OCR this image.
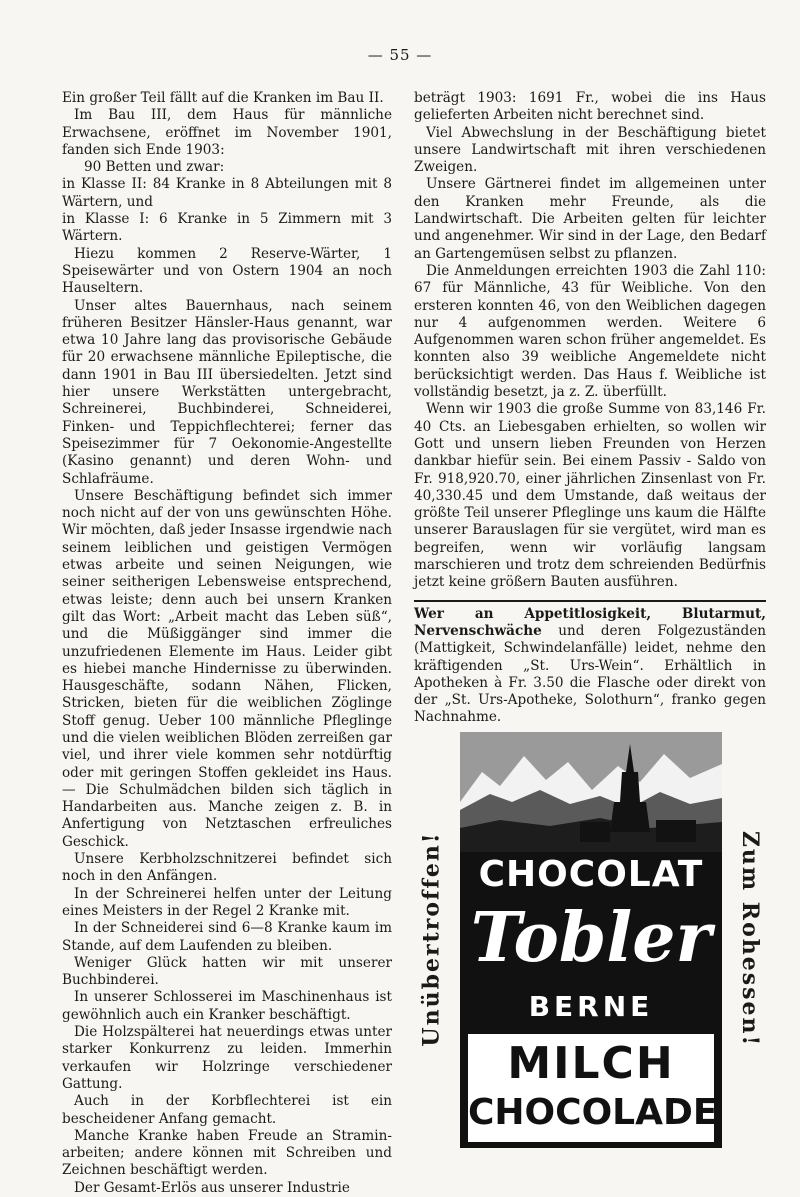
— 55 —

Ein großer Teil fällt auf die Kranken im Bau II.

Im Bau III, dem Haus für männliche Erwachsene, eröffnet im November 1901, fanden sich Ende 1903:

90 Betten und zwar:

in Klasse II: 84 Kranke in 8 Abteilungen mit 8 Wärtern, und

in Klasse I: 6 Kranke in 5 Zimmern mit 3 Wärtern.

Hiezu kommen 2 Reserve-Wärter, 1 Speisewärter und von Ostern 1904 an noch Hauseltern.

Unser altes Bauernhaus, nach seinem früheren Besitzer Hänsler-Haus genannt, war etwa 10 Jahre lang das provisorische Gebäude für 20 erwachsene männliche Epileptische, die dann 1901 in Bau III übersiedelten. Jetzt sind hier unsere Werkstätten untergebracht, Schreinerei, Buchbinderei, Schneiderei, Finken- und Teppichflechterei; ferner das Speisezimmer für 7 Oekonomie-Angestellte (Kasino genannt) und deren Wohn- und Schlafräume.

Unsere Beschäftigung befindet sich immer noch nicht auf der von uns gewünschten Höhe. Wir möchten, daß jeder Insasse irgendwie nach seinem leiblichen und geistigen Vermögen etwas arbeite und seinen Neigungen, wie seiner seitherigen Lebensweise entsprechend, etwas leiste; denn auch bei unsern Kranken gilt das Wort: „Arbeit macht das Leben süß“, und die Müßiggänger sind immer die unzufriedenen Elemente im Haus. Leider gibt es hiebei manche Hindernisse zu überwinden. Hausgeschäfte, sodann Nähen, Flicken, Stricken, bieten für die weiblichen Zöglinge Stoff genug. Ueber 100 männliche Pfleglinge und die vielen weiblichen Blöden zerreißen gar viel, und ihrer viele kommen sehr notdürftig oder mit geringen Stoffen gekleidet ins Haus. — Die Schulmädchen bilden sich täglich in Handarbeiten aus. Manche zeigen z. B. in Anfertigung von Netztaschen erfreuliches Geschick.

Unsere Kerbholzschnitzerei befindet sich noch in den Anfängen.

In der Schreinerei helfen unter der Leitung eines Meisters in der Regel 2 Kranke mit.

In der Schneiderei sind 6—8 Kranke kaum im Stande, auf dem Laufenden zu bleiben.

Weniger Glück hatten wir mit unserer Buchbinderei.

In unserer Schlosserei im Maschinenhaus ist gewöhnlich auch ein Kranker beschäftigt.

Die Holzspälterei hat neuerdings etwas unter starker Konkurrenz zu leiden. Immerhin verkaufen wir Holzringe verschiedener Gattung.

Auch in der Korbflechterei ist ein bescheidener Anfang gemacht.

Manche Kranke haben Freude an Stramin-arbeiten; andere können mit Schreiben und Zeichnen beschäftigt werden.

Der Gesamt-Erlös aus unserer Industrie

beträgt 1903: 1691 Fr., wobei die ins Haus gelieferten Arbeiten nicht berechnet sind.

Viel Abwechslung in der Beschäftigung bietet unsere Landwirtschaft mit ihren verschiedenen Zweigen.

Unsere Gärtnerei findet im allgemeinen unter den Kranken mehr Freunde, als die Landwirtschaft. Die Arbeiten gelten für leichter und angenehmer. Wir sind in der Lage, den Bedarf an Gartengemüsen selbst zu pflanzen.

Die Anmeldungen erreichten 1903 die Zahl 110: 67 für Männliche, 43 für Weibliche. Von den ersteren konnten 46, von den Weiblichen dagegen nur 4 aufgenommen werden. Weitere 6 Aufgenommen waren schon früher angemeldet. Es konnten also 39 weibliche Angemeldete nicht berücksichtigt werden. Das Haus f. Weibliche ist vollständig besetzt, ja z. Z. überfüllt.

Wenn wir 1903 die große Summe von 83,146 Fr. 40 Cts. an Liebesgaben erhielten, so wollen wir Gott und unsern lieben Freunden von Herzen dankbar hiefür sein. Bei einem Passiv - Saldo von Fr. 918,920.70, einer jährlichen Zinsenlast von Fr. 40,330.45 und dem Umstande, daß weitaus der größte Teil unserer Pfleglinge uns kaum die Hälfte unserer Barauslagen für sie vergütet, wird man es begreifen, wenn wir vorläufig langsam marschieren und trotz dem schreienden Bedürfnis jetzt keine größern Bauten ausführen.

Wer an Appetitlosigkeit, Blutarmut, Nervenschwäche und deren Folgezuständen (Mattigkeit, Schwindelanfälle) leidet, nehme den kräftigenden „St. Urs-Wein“. Erhältlich in Apotheken à Fr. 3.50 die Flasche oder direkt von der „St. Urs-Apotheke, Solothurn“, franko gegen Nachnahme.
Unübertroffen! CHOCOLAT
Tobler
BERNE
MILCH
CHOCOLADE
Zum Rohessen!
